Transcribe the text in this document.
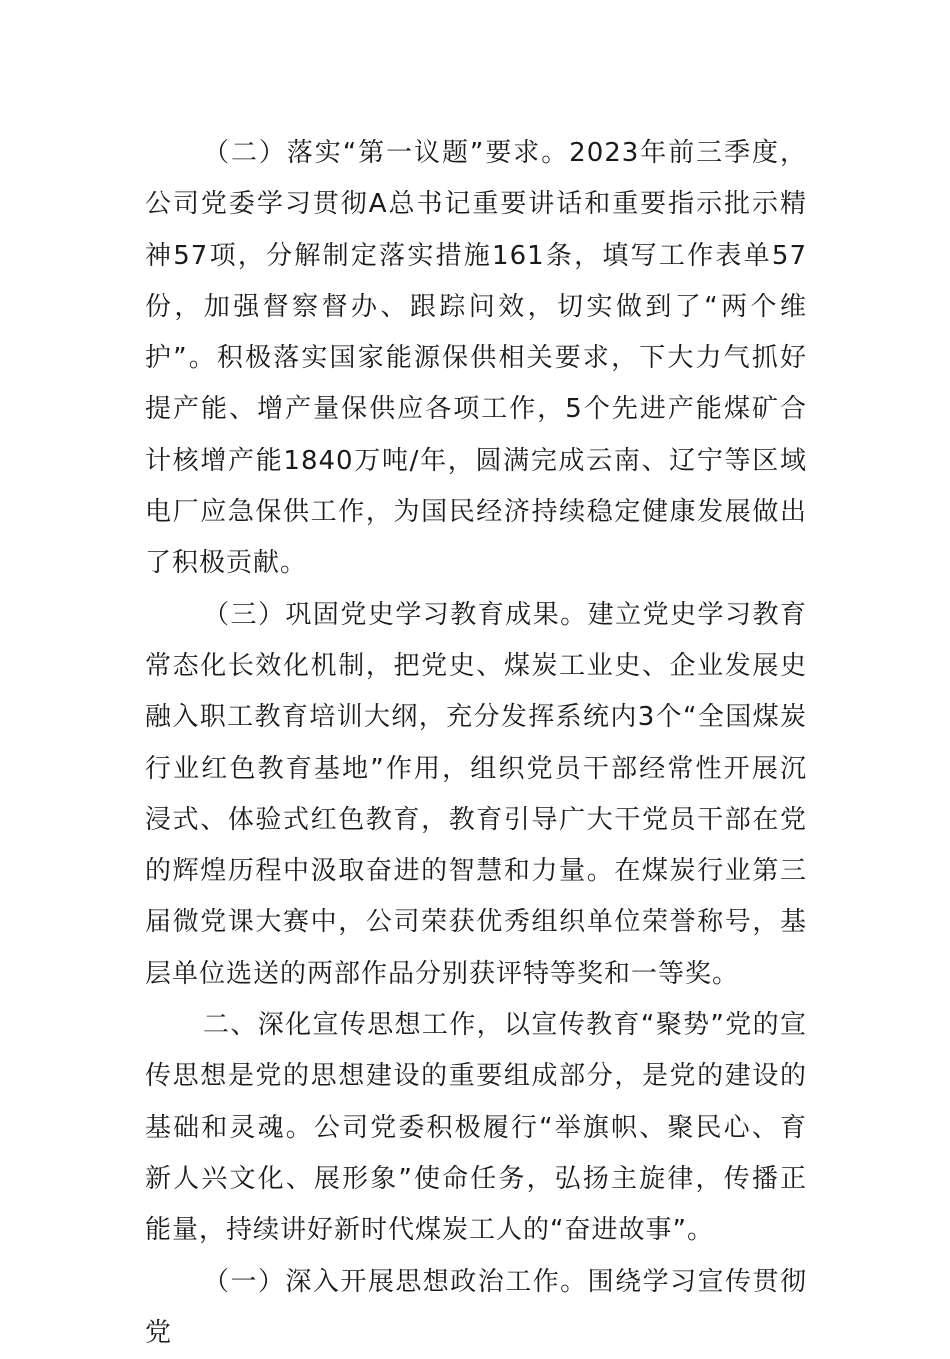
（二）落实“第一议题”要求。2023年前三季度，公司党委学习贯彻A总书记重要讲话和重要指示批示精神57项，分解制定落实措施161条，填写工作表单57份，加强督察督办、跟踪问效，切实做到了“两个维护”。积极落实国家能源保供相关要求，下大力气抓好提产能、增产量保供应各项工作，5个先进产能煤矿合计核增产能1840万吨/年，圆满完成云南、辽宁等区域电厂应急保供工作，为国民经济持续稳定健康发展做出了积极贡献。

（三）巩固党史学习教育成果。建立党史学习教育常态化长效化机制，把党史、煤炭工业史、企业发展史融入职工教育培训大纲，充分发挥系统内3个“全国煤炭行业红色教育基地”作用，组织党员干部经常性开展沉浸式、体验式红色教育，教育引导广大干党员干部在党的辉煌历程中汲取奋进的智慧和力量。在煤炭行业第三届微党课大赛中，公司荣获优秀组织单位荣誉称号，基层单位选送的两部作品分别获评特等奖和一等奖。

二、深化宣传思想工作，以宣传教育“聚势”党的宣传思想是党的思想建设的重要组成部分，是党的建设的基础和灵魂。公司党委积极履行“举旗帜、聚民心、育新人兴文化、展形象”使命任务，弘扬主旋律，传播正能量，持续讲好新时代煤炭工人的“奋进故事”。

（一）深入开展思想政治工作。围绕学习宣传贯彻党
